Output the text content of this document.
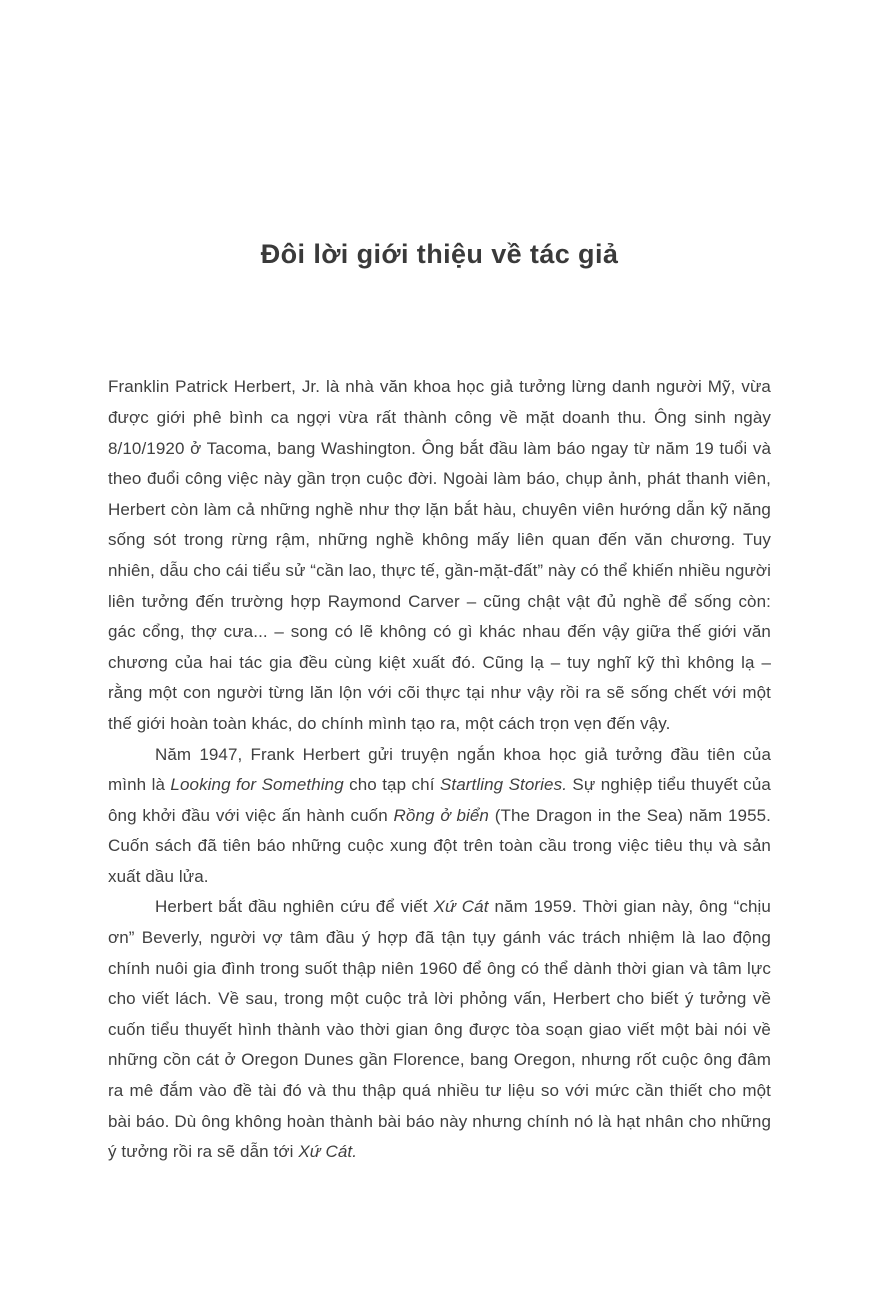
Đôi lời giới thiệu về tác giả

Franklin Patrick Herbert, Jr. là nhà văn khoa học giả tưởng lừng danh người Mỹ, vừa được giới phê bình ca ngợi vừa rất thành công về mặt doanh thu. Ông sinh ngày 8/10/1920 ở Tacoma, bang Washington. Ông bắt đầu làm báo ngay từ năm 19 tuổi và theo đuổi công việc này gần trọn cuộc đời. Ngoài làm báo, chụp ảnh, phát thanh viên, Herbert còn làm cả những nghề như thợ lặn bắt hàu, chuyên viên hướng dẫn kỹ năng sống sót trong rừng rậm, những nghề không mấy liên quan đến văn chương. Tuy nhiên, dẫu cho cái tiểu sử “cần lao, thực tế, gần-mặt-đất” này có thể khiến nhiều người liên tưởng đến trường hợp Raymond Carver – cũng chật vật đủ nghề để sống còn: gác cổng, thợ cưa... – song có lẽ không có gì khác nhau đến vậy giữa thế giới văn chương của hai tác gia đều cùng kiệt xuất đó. Cũng lạ – tuy nghĩ kỹ thì không lạ – rằng một con người từng lăn lộn với cõi thực tại như vậy rồi ra sẽ sống chết với một thế giới hoàn toàn khác, do chính mình tạo ra, một cách trọn vẹn đến vậy.

Năm 1947, Frank Herbert gửi truyện ngắn khoa học giả tưởng đầu tiên của mình là Looking for Something cho tạp chí Startling Stories. Sự nghiệp tiểu thuyết của ông khởi đầu với việc ấn hành cuốn Rồng ở biển (The Dragon in the Sea) năm 1955. Cuốn sách đã tiên báo những cuộc xung đột trên toàn cầu trong việc tiêu thụ và sản xuất dầu lửa.

Herbert bắt đầu nghiên cứu để viết Xứ Cát năm 1959. Thời gian này, ông “chịu ơn” Beverly, người vợ tâm đầu ý hợp đã tận tụy gánh vác trách nhiệm là lao động chính nuôi gia đình trong suốt thập niên 1960 để ông có thể dành thời gian và tâm lực cho viết lách. Về sau, trong một cuộc trả lời phỏng vấn, Herbert cho biết ý tưởng về cuốn tiểu thuyết hình thành vào thời gian ông được tòa soạn giao viết một bài nói về những cồn cát ở Oregon Dunes gần Florence, bang Oregon, nhưng rốt cuộc ông đâm ra mê đắm vào đề tài đó và thu thập quá nhiều tư liệu so với mức cần thiết cho một bài báo. Dù ông không hoàn thành bài báo này nhưng chính nó là hạt nhân cho những ý tưởng rồi ra sẽ dẫn tới Xứ Cát.
